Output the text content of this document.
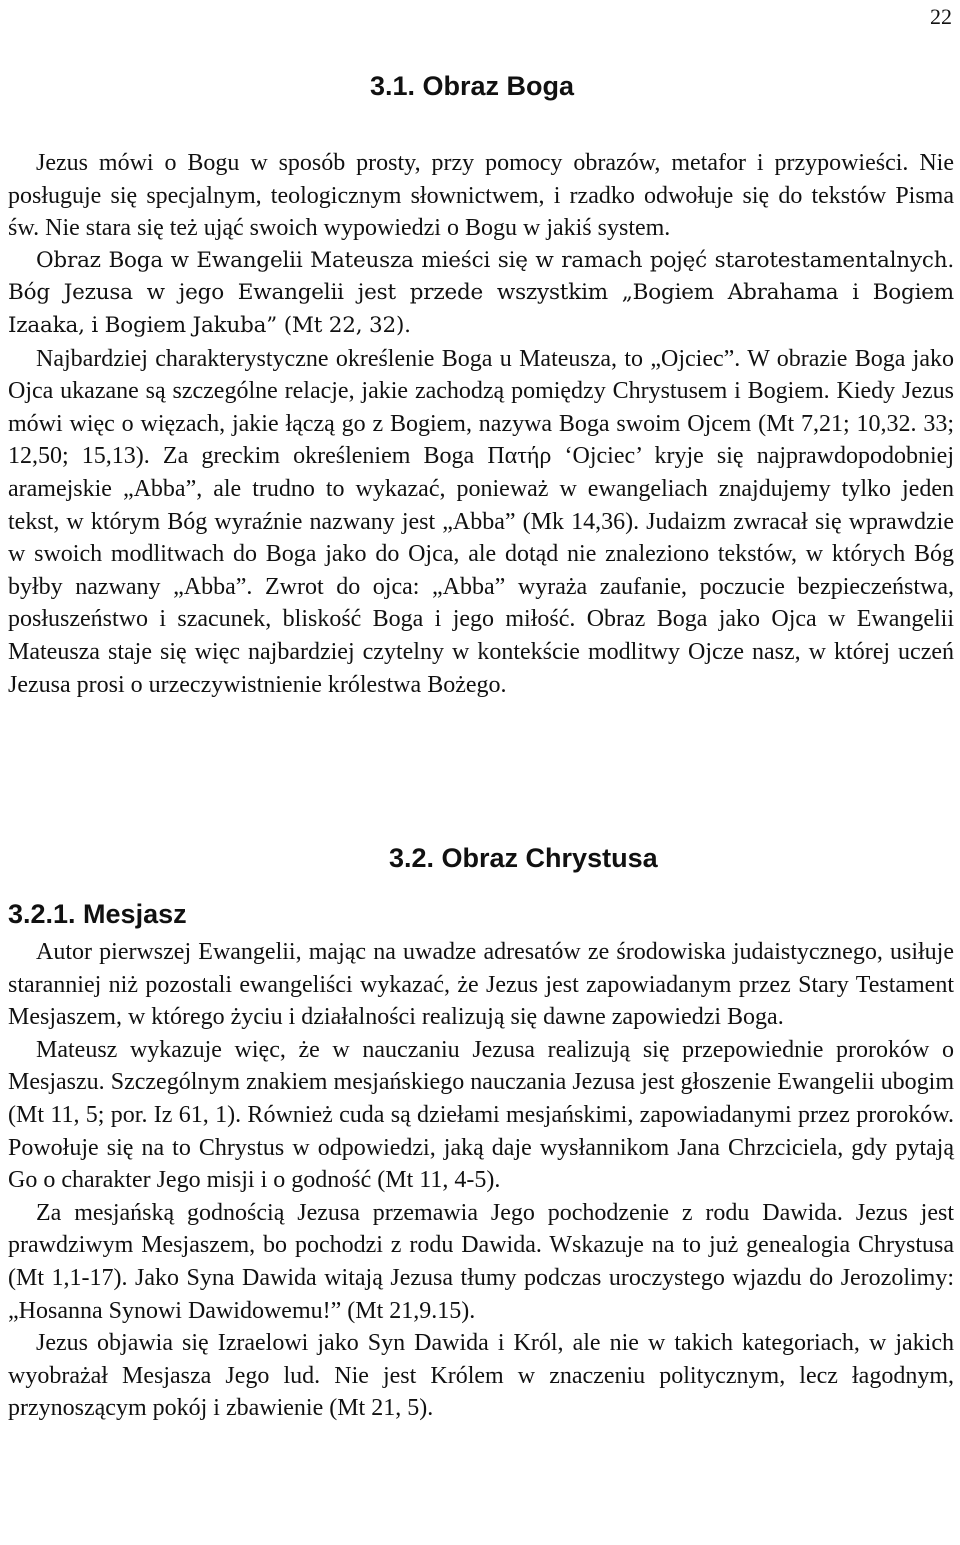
22
3.1. Obraz Boga

Jezus mówi o Bogu w sposób prosty, przy pomocy obrazów, metafor i przypowieści. Nie posługuje się specjalnym, teologicznym słownictwem, i rzadko odwołuje się do tekstów Pisma św. Nie stara się też ująć swoich wypowiedzi o Bogu w jakiś system.

Obraz Boga w Ewangelii Mateusza mieści się w ramach pojęć starotestamentalnych. Bóg Jezusa w jego Ewangelii jest przede wszystkim „Bogiem Abrahama i Bogiem Izaaka, i Bogiem Jakuba” (Mt 22, 32).

Najbardziej charakterystyczne określenie Boga u Mateusza, to „Ojciec”. W obrazie Boga jako Ojca ukazane są szczególne relacje, jakie zachodzą pomiędzy Chrystusem i Bogiem. Kiedy Jezus mówi więc o więzach, jakie łączą go z Bogiem, nazywa Boga swoim Ojcem (Mt 7,21; 10,32. 33; 12,50; 15,13). Za greckim określeniem Boga Πατήρ ‘Ojciec’ kryje się najprawdopodobniej aramejskie „Abba”, ale trudno to wykazać, ponieważ w ewangeliach znajdujemy tylko jeden tekst, w którym Bóg wyraźnie nazwany jest „Abba” (Mk 14,36). Judaizm zwracał się wprawdzie w swoich modlitwach do Boga jako do Ojca, ale dotąd nie znaleziono tekstów, w których Bóg byłby nazwany „Abba”. Zwrot do ojca: „Abba” wyraża zaufanie, poczucie bezpieczeństwa, posłuszeństwo i szacunek, bliskość Boga i jego miłość. Obraz Boga jako Ojca w Ewangelii Mateusza staje się więc najbardziej czytelny w kontekście modlitwy Ojcze nasz, w której uczeń Jezusa prosi o urzeczywistnienie królestwa Bożego.

3.2. Obraz Chrystusa
3.2.1. Mesjasz

Autor pierwszej Ewangelii, mając na uwadze adresatów ze środowiska judaistycznego, usiłuje staranniej niż pozostali ewangeliści wykazać, że Jezus jest zapowiadanym przez Stary Testament Mesjaszem, w którego życiu i działalności realizują się dawne zapowiedzi Boga.

Mateusz wykazuje więc, że w nauczaniu Jezusa realizują się przepowiednie proroków o Mesjaszu. Szczególnym znakiem mesjańskiego nauczania Jezusa jest głoszenie Ewangelii ubogim (Mt 11, 5; por. Iz 61, 1). Również cuda są dziełami mesjańskimi, zapowiadanymi przez proroków. Powołuje się na to Chrystus w odpowiedzi, jaką daje wysłannikom Jana Chrzciciela, gdy pytają Go o charakter Jego misji i o godność (Mt 11, 4-5).

Za mesjańską godnością Jezusa przemawia Jego pochodzenie z rodu Dawida. Jezus jest prawdziwym Mesjaszem, bo pochodzi z rodu Dawida. Wskazuje na to już genealogia Chrystusa (Mt 1,1-17). Jako Syna Dawida witają Jezusa tłumy podczas uroczystego wjazdu do Jerozolimy: „Hosanna Synowi Dawidowemu!” (Mt 21,9.15).

Jezus objawia się Izraelowi jako Syn Dawida i Król, ale nie w takich kategoriach, w jakich wyobrażał Mesjasza Jego lud. Nie jest Królem w znaczeniu politycznym, lecz łagodnym, przynoszącym pokój i zbawienie (Mt 21, 5).
